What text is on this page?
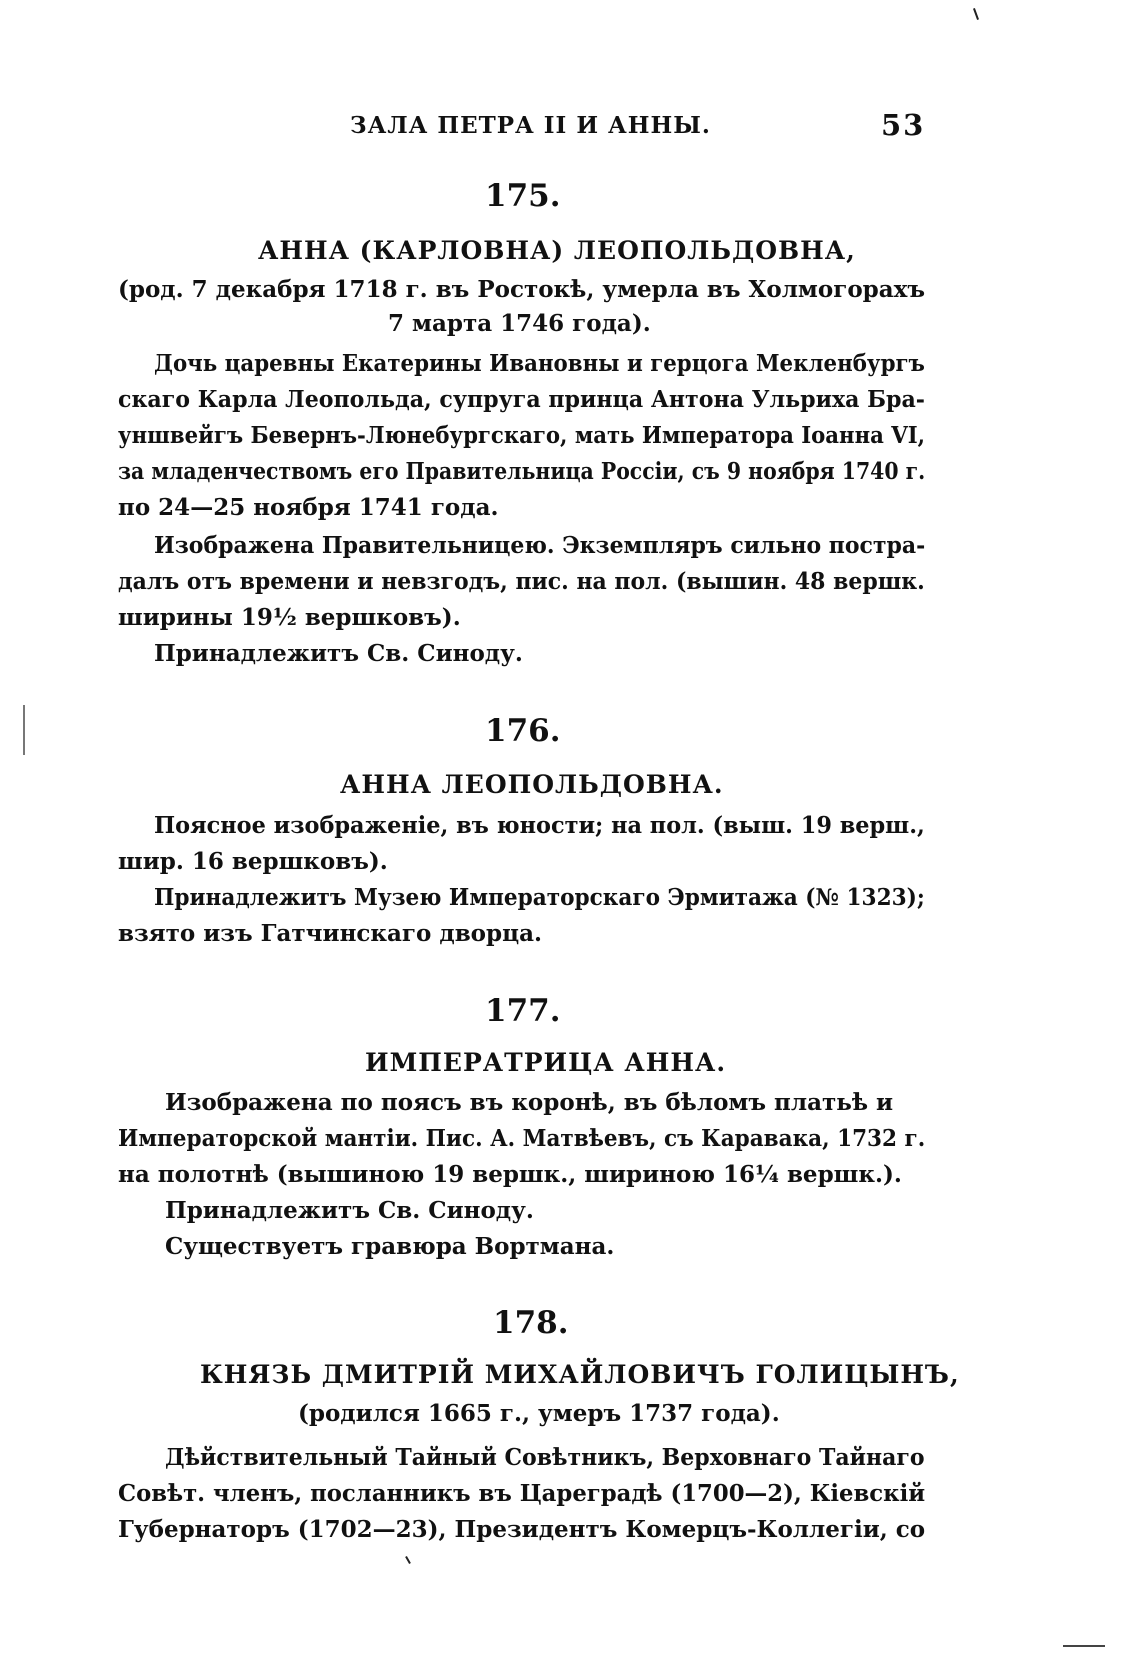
ЗАЛА ПЕТРА II И АННЫ.	53
175.
АННА (КАРЛОВНА) ЛЕОПОЛЬДОВНА,
(род. 7 декабря 1718 г. въ Ростокѣ, умерла въ Холмогорахъ
7 марта 1746 года).
Дочь царевны Екатерины Ивановны и герцога Мекленбургъ
скаго Карла Леопольда, супруга принца Антона Ульриха Бра-
уншвейгъ Бевернъ-Люнебургскаго, мать Императора Іоанна VI,
за младенчествомъ его Правительница Россіи, съ 9 ноября 1740 г.
по 24—25 ноября 1741 года.
Изображена Правительницею. Экземпляръ сильно пострa-
далъ отъ времени и невзгодъ, пис. на пол. (вышин. 48 вершк.
ширины 19½ вершковъ).
Принадлежитъ Св. Синоду.
176.
АННА ЛЕОПОЛЬДОВНА.
Поясное изображеніе, въ юности; на пол. (выш. 19 верш.,
шир. 16 вершковъ).
Принадлежитъ Музею Императорскаго Эрмитажа (№ 1323);
взято изъ Гатчинскаго дворца.
177.
ИМПЕРАТРИЦА АННА.
Изображена по поясъ въ коронѣ, въ бѣломъ платьѣ и
Императорской мантіи. Пис. А. Матвѣевъ, съ Каравака, 1732 г.
на полотнѣ (вышиною 19 вершк., шириною 16¼ вершк.).
Принадлежитъ Св. Синоду.
Существуетъ гравюра Вортмана.
178.
КНЯЗЬ ДМИТРІЙ МИХАЙЛОВИЧЪ ГОЛИЦЫНЪ,
(родился 1665 г., умеръ 1737 года).
Дѣйствительный Тайный Совѣтникъ, Верховнаго Тайнаго
Совѣт. членъ, посланникъ въ Цареградѣ (1700—2), Кіевскій
Губернаторъ (1702—23), Президентъ Комерцъ-Коллегіи, со
